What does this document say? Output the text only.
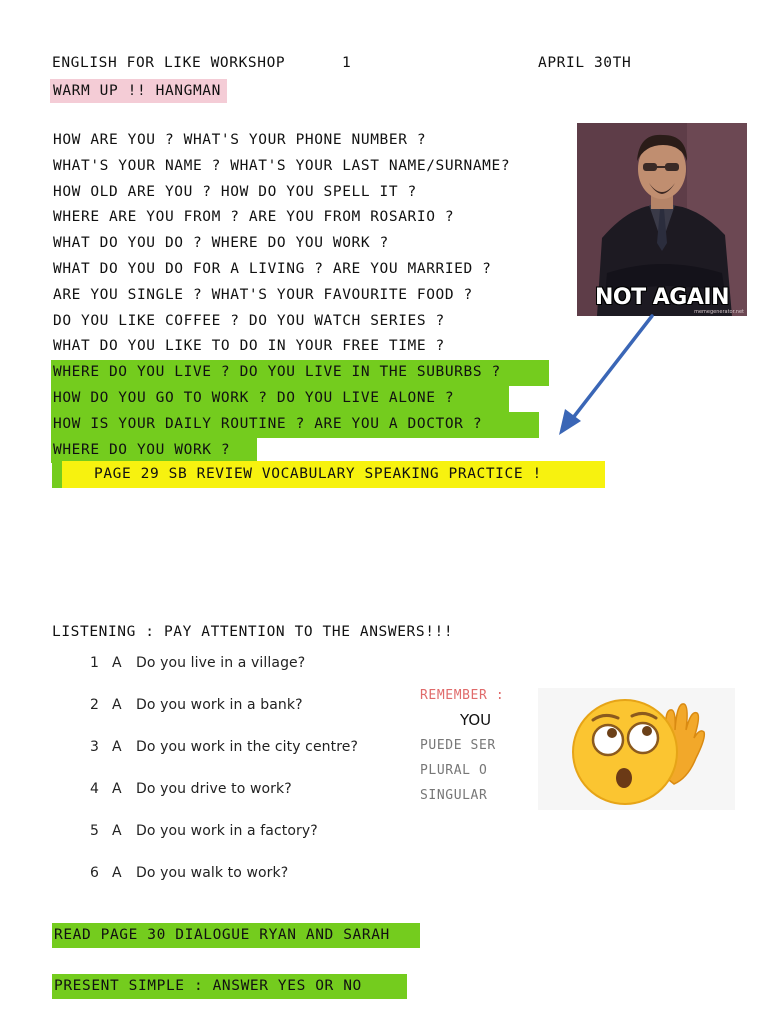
ENGLISH FOR LIKE WORKSHOP	1	APRIL 30TH
WARM UP !! HANGMAN
HOW ARE YOU ? WHAT'S YOUR PHONE NUMBER ?
WHAT'S YOUR NAME ? WHAT'S YOUR LAST NAME/SURNAME?
HOW OLD ARE YOU ? HOW DO YOU SPELL IT ?
WHERE ARE YOU FROM ? ARE YOU FROM ROSARIO ?
WHAT DO YOU DO ? WHERE DO YOU WORK ?
WHAT DO YOU DO FOR A LIVING ? ARE YOU MARRIED ?
ARE YOU SINGLE ? WHAT'S YOUR FAVOURITE FOOD ?
DO YOU LIKE COFFEE ? DO YOU WATCH SERIES ?
WHAT DO YOU LIKE TO DO IN YOUR FREE TIME ?
WHERE DO YOU LIVE ? DO YOU LIVE IN THE SUBURBS ?
HOW DO YOU GO TO WORK ? DO YOU LIVE ALONE ?
HOW IS YOUR DAILY ROUTINE ? ARE YOU A DOCTOR ?
WHERE DO YOU WORK ?
PAGE 29 SB REVIEW VOCABULARY SPEAKING PRACTICE !
NOT AGAIN
memegenerator.net
LISTENING : PAY ATTENTION TO THE ANSWERS!!!
1 A	Do you live in a village?
2 A	Do you work in a bank?
3 A	Do you work in the city centre?
4 A	Do you drive to work?
5 A	Do you work in a factory?
6 A	Do you walk to work?
REMEMBER :
YOU
PUEDE SER
PLURAL O
SINGULAR
READ PAGE 30 DIALOGUE RYAN AND SARAH
PRESENT SIMPLE : ANSWER YES OR NO
